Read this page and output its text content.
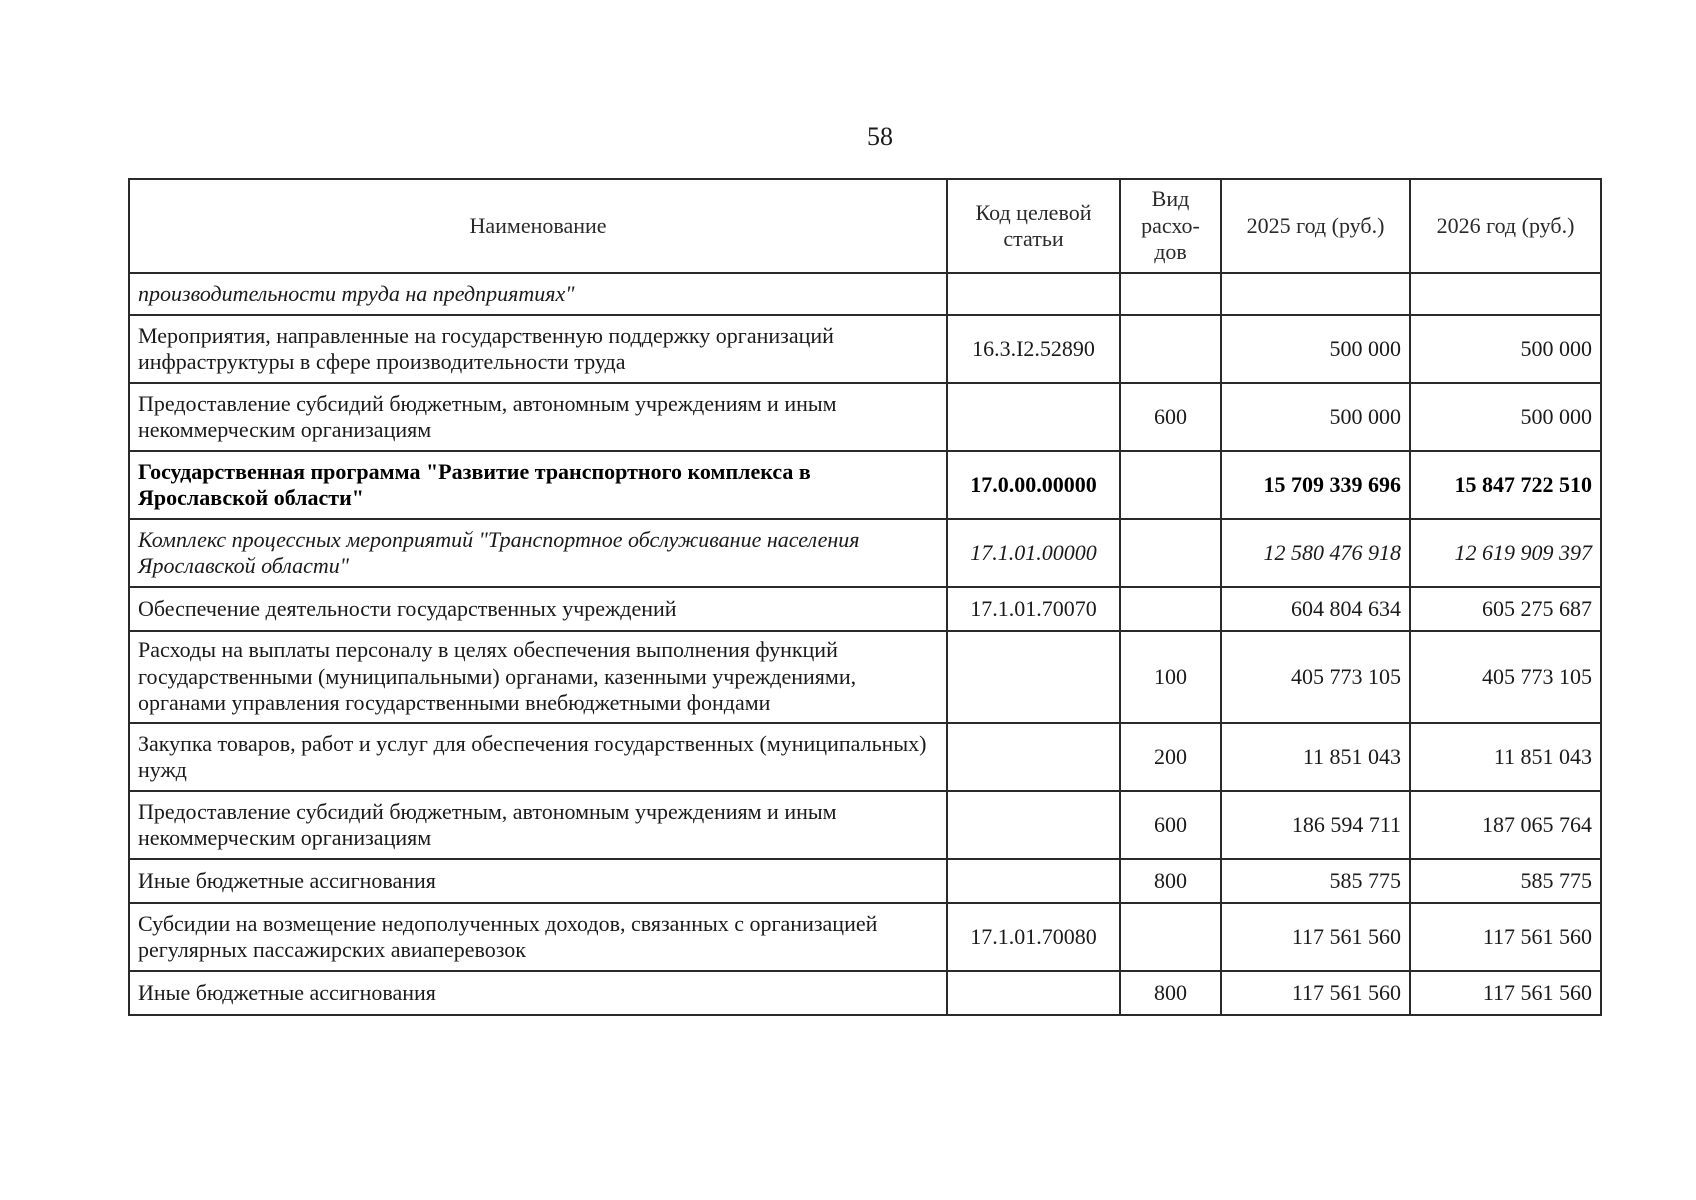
58
Наименование	Код целевой статьи	Вид расхо-дов	2025 год (руб.)	2026 год (руб.)
производительности труда на предприятиях"				
Мероприятия, направленные на государственную поддержку организаций инфраструктуры в сфере производительности труда	16.3.I2.52890		500 000	500 000
Предоставление субсидий бюджетным, автономным учреждениям и иным некоммерческим организациям		600	500 000	500 000
Государственная программа "Развитие транспортного комплекса в Ярославской области"	17.0.00.00000		15 709 339 696	15 847 722 510
Комплекс процессных мероприятий "Транспортное обслуживание населения Ярославской области"	17.1.01.00000		12 580 476 918	12 619 909 397
Обеспечение деятельности государственных учреждений	17.1.01.70070		604 804 634	605 275 687
Расходы на выплаты персоналу в целях обеспечения выполнения функций государственными (муниципальными) органами, казенными учреждениями, органами управления государственными внебюджетными фондами		100	405 773 105	405 773 105
Закупка товаров, работ и услуг для обеспечения государственных (муниципальных) нужд		200	11 851 043	11 851 043
Предоставление субсидий бюджетным, автономным учреждениям и иным некоммерческим организациям		600	186 594 711	187 065 764
Иные бюджетные ассигнования		800	585 775	585 775
Субсидии на возмещение недополученных доходов, связанных с организацией регулярных пассажирских авиаперевозок	17.1.01.70080		117 561 560	117 561 560
Иные бюджетные ассигнования		800	117 561 560	117 561 560
